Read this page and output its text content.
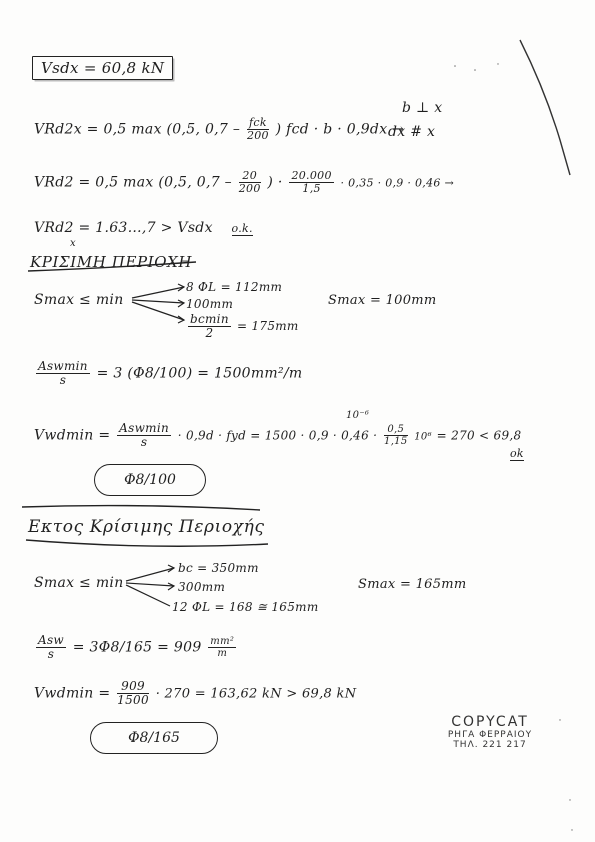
Vsdx = 60,8 kN
VRd2x = 0,5 max (0,5, $0,7 - \frac{\text{fck}}{200}$ ) fcd · b · 0,9dx →
b ⊥ x
dx # x
VRd2 = 0,5 max (0,5, $0,7 - \frac{20}{200}$ ) · $\frac{20.000}{1,5} \cdot 0,35 \cdot 0,9 \cdot 0,46$ →
VRd2 = 1.63…,7 > Vsdx o.k.
x
ΚΡΙΣΙΜΗ ΠΕΡΙΟΧΗ
Smax ≤ min
8 ΦL = 112mm
100mm
$\frac{bcmin}{2} = 175mm$
Smax = 100mm
$\frac{\text{Aswmin}}{s} = 3$ (Φ8/100) = 1500mm²/m
$Vwdmin = \frac{\text{Aswmin}}{s} \cdot 0,9d$ · fyd = $1500 \cdot 0,9 \cdot 0,46 \cdot \frac{0,5}{1,15} 10^6 = 270 < 69,8$
10⁻⁶
ok
Φ8/100
Εκτος Κρίσιμης Περιοχής
Smax ≤ min
bc = 350mm
300mm
12 ΦL = 168 ≅ 165mm
Smax = 165mm
$\frac{\text{Asw}}{s} = 3\Phi 8/165 = 909 \frac{\text{mm²}}{m}$
$Vwdmin = \frac{909}{1500} \cdot 270 = 163,62$ kN > 69,8 kN
Φ8/165
COPYCAT
ΡΗΓΑ ΦΕΡΡΑΙΟΥ
ΤΗΛ. 221 217
